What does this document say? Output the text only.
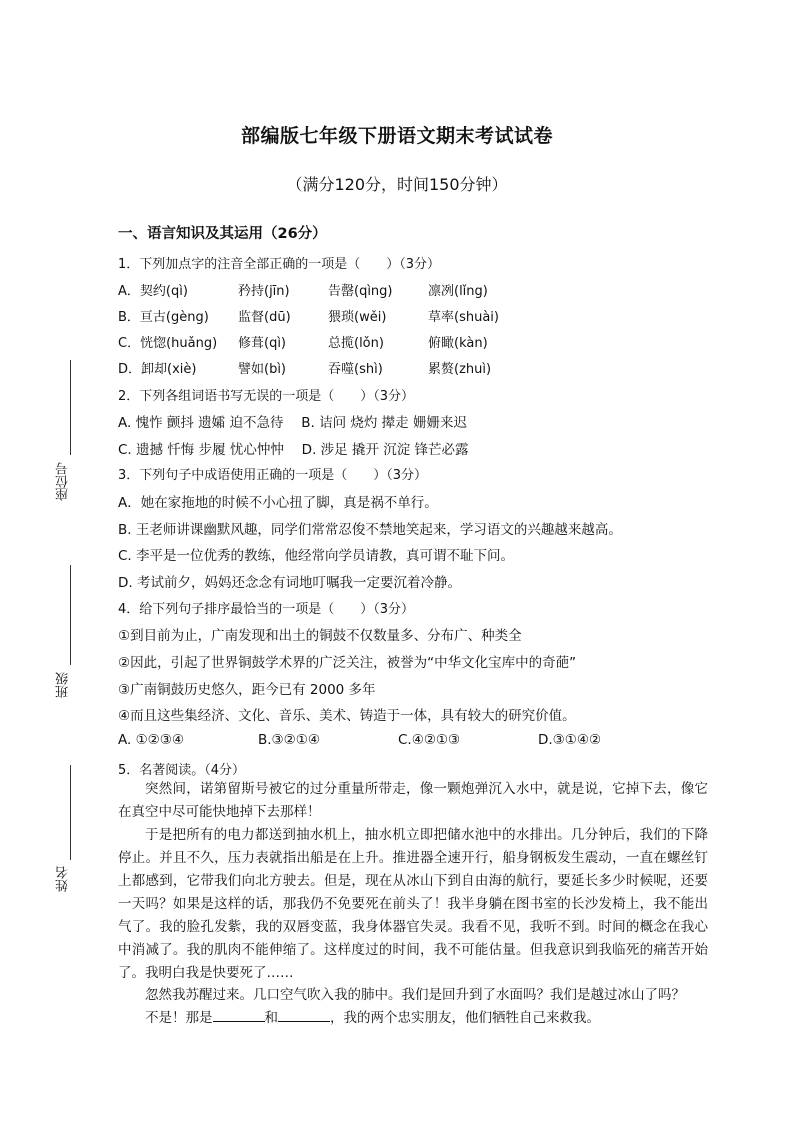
座位号
班级
姓名
部编版七年级下册语文期末考试试卷
（满分120分，时间150分钟）
一、语言知识及其运用（26分）
1．下列加点字的注音全部正确的一项是（　　）（3分）
A．契约(qì)	矜持(jīn)	告罄(qìng)	凛冽(lǐng)
B．亘古(gèng) 监督(dū)	猥琐(wěi)	草率(shuài)
C．恍惚(huǎng) 修葺(qì)	总揽(lǒn)	俯瞰(kàn)
D．卸却(xiè)	譬如(bì)	吞噬(shì)	累赘(zhuì)
2．下列各组词语书写无误的一项是（　　）（3分）
A. 愧怍 颤抖 遗孀 迫不急待　 B. 诘问 烧灼 撵走 姗姗来迟
C. 遗撼 忏悔 步履 忧心忡忡　 D. 涉足 撬开 沉淀 锋芒必露
3．下列句子中成语使用正确的一项是（　　）（3分）
A．她在家拖地的时候不小心扭了脚，真是祸不单行。
B. 王老师讲课幽默风趣，同学们常常忍俊不禁地笑起来，学习语文的兴趣越来越高。
C. 李平是一位优秀的教练，他经常向学员请教，真可谓不耻下问。
D. 考试前夕，妈妈还念念有词地叮嘱我一定要沉着冷静。
4．给下列句子排序最恰当的一项是（　　）（3分）
①到目前为止，广南发现和出土的铜鼓不仅数量多、分布广、种类全
②因此，引起了世界铜鼓学术界的广泛关注，被誉为“中华文化宝库中的奇葩”
③广南铜鼓历史悠久，距今已有 2000 多年
④而且这些集经济、文化、音乐、美术、铸造于一体，具有较大的研究价值。
A. ①②③④	B.③②①④	C.④②①③	D.③①④②
5．名著阅读。（4分）
突然间，诺第留斯号被它的过分重量所带走，像一颗炮弹沉入水中，就是说，它掉下去，像它在真空中尽可能快地掉下去那样！
于是把所有的电力都送到抽水机上，抽水机立即把储水池中的水排出。几分钟后，我们的下降停止。并且不久，压力表就指出船是在上升。推进器全速开行，船身钢板发生震动，一直在螺丝钉上都感到，它带我们向北方驶去。但是，现在从冰山下到自由海的航行，要延长多少时候呢，还要一天吗？如果是这样的话，那我仍不免要死在前头了！我半身躺在图书室的长沙发椅上，我不能出气了。我的脸孔发紫，我的双唇变蓝，我身体器官失灵。我看不见，我听不到。时间的概念在我心中消减了。我的肌肉不能伸缩了。这样度过的时间，我不可能估量。但我意识到我临死的痛苦开始了。我明白我是快要死了……
忽然我苏醒过来。几口空气吹入我的肺中。我们是回升到了水面吗？我们是越过冰山了吗？
不是！那是	和	，我的两个忠实朋友，他们牺牲自己来救我。
